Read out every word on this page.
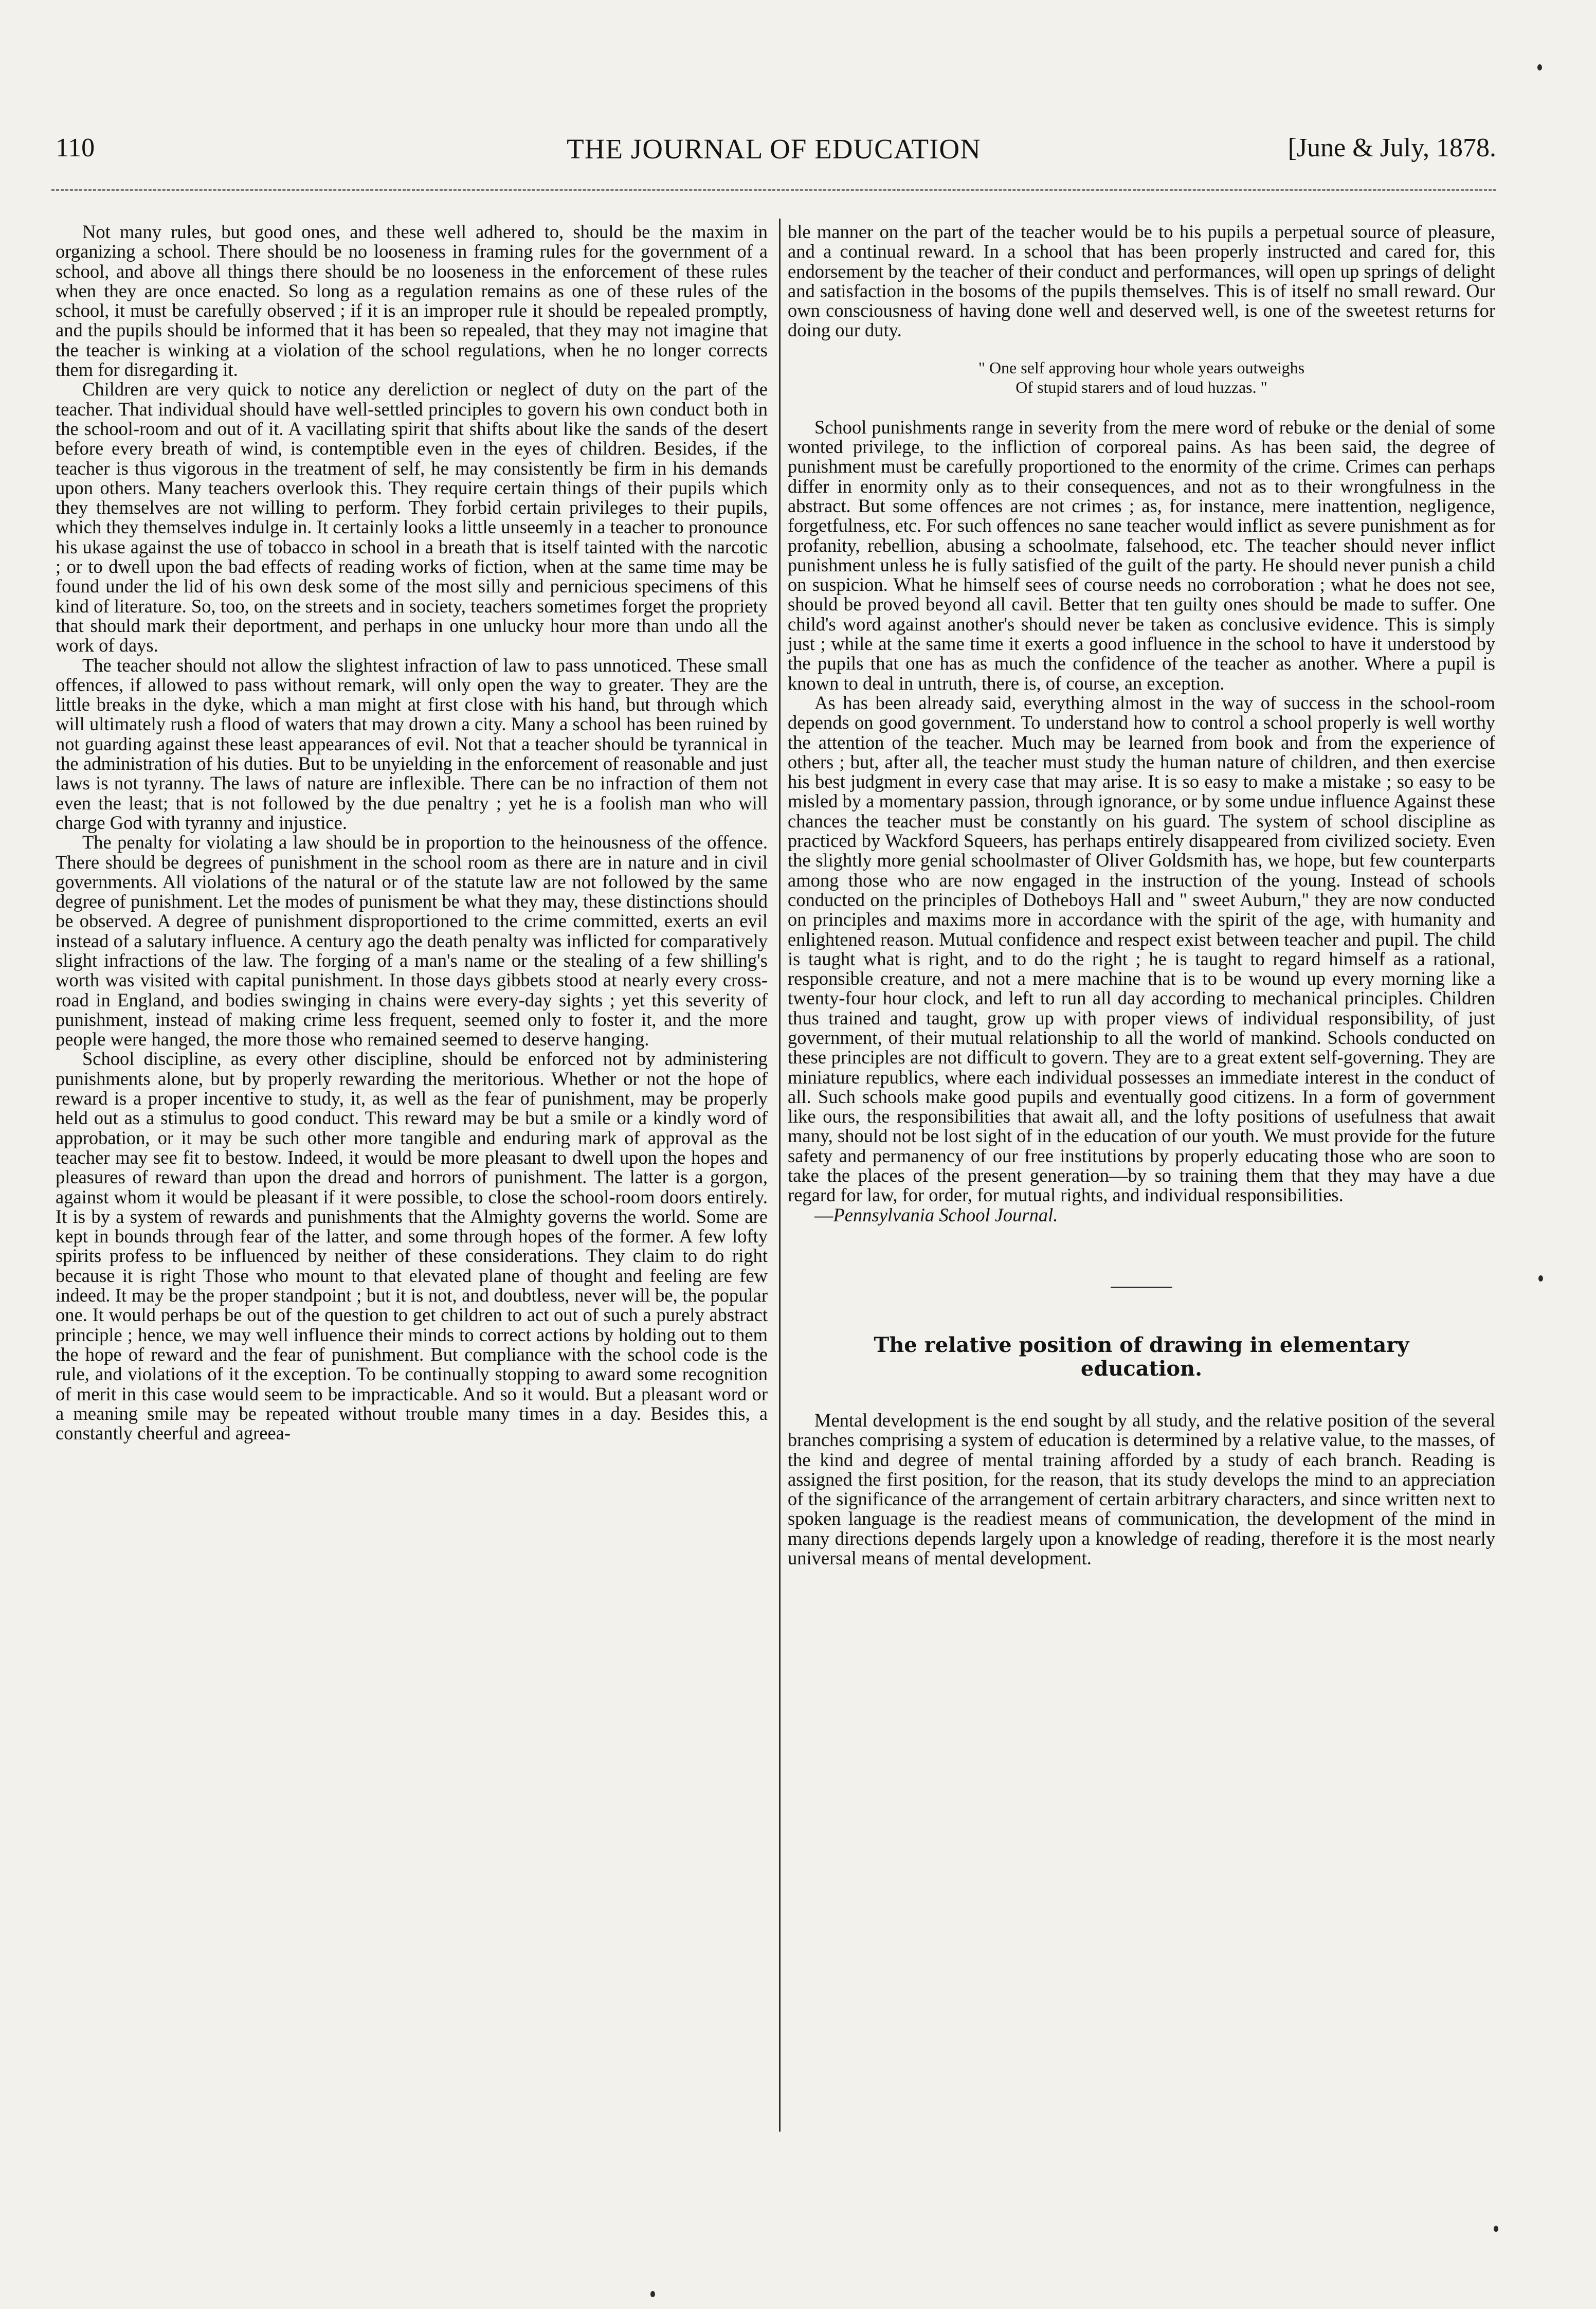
110	THE JOURNAL OF EDUCATION	[June & July, 1878.

Not many rules, but good ones, and these well adhered to, should be the maxim in organizing a school. There should be no looseness in framing rules for the government of a school, and above all things there should be no looseness in the enforcement of these rules when they are once enacted. So long as a regulation remains as one of these rules of the school, it must be carefully observed ; if it is an improper rule it should be repealed promptly, and the pupils should be informed that it has been so repealed, that they may not imagine that the teacher is winking at a violation of the school regulations, when he no longer corrects them for disregarding it.

Children are very quick to notice any dereliction or neglect of duty on the part of the teacher. That individual should have well-settled principles to govern his own conduct both in the school-room and out of it. A vacillating spirit that shifts about like the sands of the desert before every breath of wind, is contemptible even in the eyes of children. Besides, if the teacher is thus vigorous in the treatment of self, he may consistently be firm in his demands upon others. Many teachers overlook this. They require certain things of their pupils which they themselves are not willing to perform. They forbid certain privileges to their pupils, which they themselves indulge in. It certainly looks a little unseemly in a teacher to pronounce his ukase against the use of tobacco in school in a breath that is itself tainted with the narcotic ; or to dwell upon the bad effects of reading works of fiction, when at the same time may be found under the lid of his own desk some of the most silly and pernicious specimens of this kind of literature. So, too, on the streets and in society, teachers sometimes forget the propriety that should mark their deportment, and perhaps in one unlucky hour more than undo all the work of days.

The teacher should not allow the slightest infraction of law to pass unnoticed. These small offences, if allowed to pass without remark, will only open the way to greater. They are the little breaks in the dyke, which a man might at first close with his hand, but through which will ultimately rush a flood of waters that may drown a city. Many a school has been ruined by not guarding against these least appearances of evil. Not that a teacher should be tyrannical in the administration of his duties. But to be unyielding in the enforcement of reasonable and just laws is not tyranny. The laws of nature are inflexible. There can be no infraction of them not even the least; that is not followed by the due penaltry ; yet he is a foolish man who will charge God with tyranny and injustice.

The penalty for violating a law should be in proportion to the heinousness of the offence. There should be degrees of punishment in the school room as there are in nature and in civil governments. All violations of the natural or of the statute law are not followed by the same degree of punishment. Let the modes of punisment be what they may, these distinctions should be observed. A degree of punishment disproportioned to the crime committed, exerts an evil instead of a salutary influence. A century ago the death penalty was inflicted for comparatively slight infractions of the law. The forging of a man's name or the stealing of a few shilling's worth was visited with capital punishment. In those days gibbets stood at nearly every cross-road in England, and bodies swinging in chains were every-day sights ; yet this severity of punishment, instead of making crime less frequent, seemed only to foster it, and the more people were hanged, the more those who remained seemed to deserve hanging.

School discipline, as every other discipline, should be enforced not by administering punishments alone, but by properly rewarding the meritorious. Whether or not the hope of reward is a proper incentive to study, it, as well as the fear of punishment, may be properly held out as a stimulus to good conduct. This reward may be but a smile or a kindly word of approbation, or it may be such other more tangible and enduring mark of approval as the teacher may see fit to bestow. Indeed, it would be more pleasant to dwell upon the hopes and pleasures of reward than upon the dread and horrors of punishment. The latter is a gorgon, against whom it would be pleasant if it were possible, to close the school-room doors entirely. It is by a system of rewards and punishments that the Almighty governs the world. Some are kept in bounds through fear of the latter, and some through hopes of the former. A few lofty spirits profess to be influenced by neither of these considerations. They claim to do right because it is right Those who mount to that elevated plane of thought and feeling are few indeed. It may be the proper standpoint ; but it is not, and doubtless, never will be, the popular one. It would perhaps be out of the question to get children to act out of such a purely abstract principle ; hence, we may well influence their minds to correct actions by holding out to them the hope of reward and the fear of punishment. But compliance with the school code is the rule, and violations of it the exception. To be continually stopping to award some recognition of merit in this case would seem to be impracticable. And so it would. But a pleasant word or a meaning smile may be repeated without trouble many times in a day. Besides this, a constantly cheerful and agreea-

ble manner on the part of the teacher would be to his pupils a perpetual source of pleasure, and a continual reward. In a school that has been properly instructed and cared for, this endorsement by the teacher of their conduct and performances, will open up springs of delight and satisfaction in the bosoms of the pupils themselves. This is of itself no small reward. Our own consciousness of having done well and deserved well, is one of the sweetest returns for doing our duty.

" One self approving hour whole years outweighs
Of stupid starers and of loud huzzas. "

School punishments range in severity from the mere word of rebuke or the denial of some wonted privilege, to the infliction of corporeal pains. As has been said, the degree of punishment must be carefully proportioned to the enormity of the crime. Crimes can perhaps differ in enormity only as to their consequences, and not as to their wrongfulness in the abstract. But some offences are not crimes ; as, for instance, mere inattention, negligence, forgetfulness, etc. For such offences no sane teacher would inflict as severe punishment as for profanity, rebellion, abusing a schoolmate, falsehood, etc. The teacher should never inflict punishment unless he is fully satisfied of the guilt of the party. He should never punish a child on suspicion. What he himself sees of course needs no corroboration ; what he does not see, should be proved beyond all cavil. Better that ten guilty ones should be made to suffer. One child's word against another's should never be taken as conclusive evidence. This is simply just ; while at the same time it exerts a good influence in the school to have it understood by the pupils that one has as much the confidence of the teacher as another. Where a pupil is known to deal in untruth, there is, of course, an exception.

As has been already said, everything almost in the way of success in the school-room depends on good government. To understand how to control a school properly is well worthy the attention of the teacher. Much may be learned from book and from the experience of others ; but, after all, the teacher must study the human nature of children, and then exercise his best judgment in every case that may arise. It is so easy to make a mistake ; so easy to be misled by a momentary passion, through ignorance, or by some undue influence Against these chances the teacher must be constantly on his guard. The system of school discipline as practiced by Wackford Squeers, has perhaps entirely disappeared from civilized society. Even the slightly more genial schoolmaster of Oliver Goldsmith has, we hope, but few counterparts among those who are now engaged in the instruction of the young. Instead of schools conducted on the principles of Dotheboys Hall and " sweet Auburn," they are now conducted on principles and maxims more in accordance with the spirit of the age, with humanity and enlightened reason. Mutual confidence and respect exist between teacher and pupil. The child is taught what is right, and to do the right ; he is taught to regard himself as a rational, responsible creature, and not a mere machine that is to be wound up every morning like a twenty-four hour clock, and left to run all day according to mechanical principles. Children thus trained and taught, grow up with proper views of individual responsibility, of just government, of their mutual relationship to all the world of mankind. Schools conducted on these principles are not difficult to govern. They are to a great extent self-governing. They are miniature republics, where each individual possesses an immediate interest in the conduct of all. Such schools make good pupils and eventually good citizens. In a form of government like ours, the responsibilities that await all, and the lofty positions of usefulness that await many, should not be lost sight of in the education of our youth. We must provide for the future safety and permanency of our free institutions by properly educating those who are soon to take the places of the present generation—by so training them that they may have a due regard for law, for order, for mutual rights, and individual responsibilities.

—Pennsylvania School Journal.

The relative position of drawing in elementary
education.

Mental development is the end sought by all study, and the relative position of the several branches comprising a system of education is determined by a relative value, to the masses, of the kind and degree of mental training afforded by a study of each branch. Reading is assigned the first position, for the reason, that its study develops the mind to an appreciation of the significance of the arrangement of certain arbitrary characters, and since written next to spoken language is the readiest means of communication, the development of the mind in many directions depends largely upon a knowledge of reading, therefore it is the most nearly universal means of mental development.
